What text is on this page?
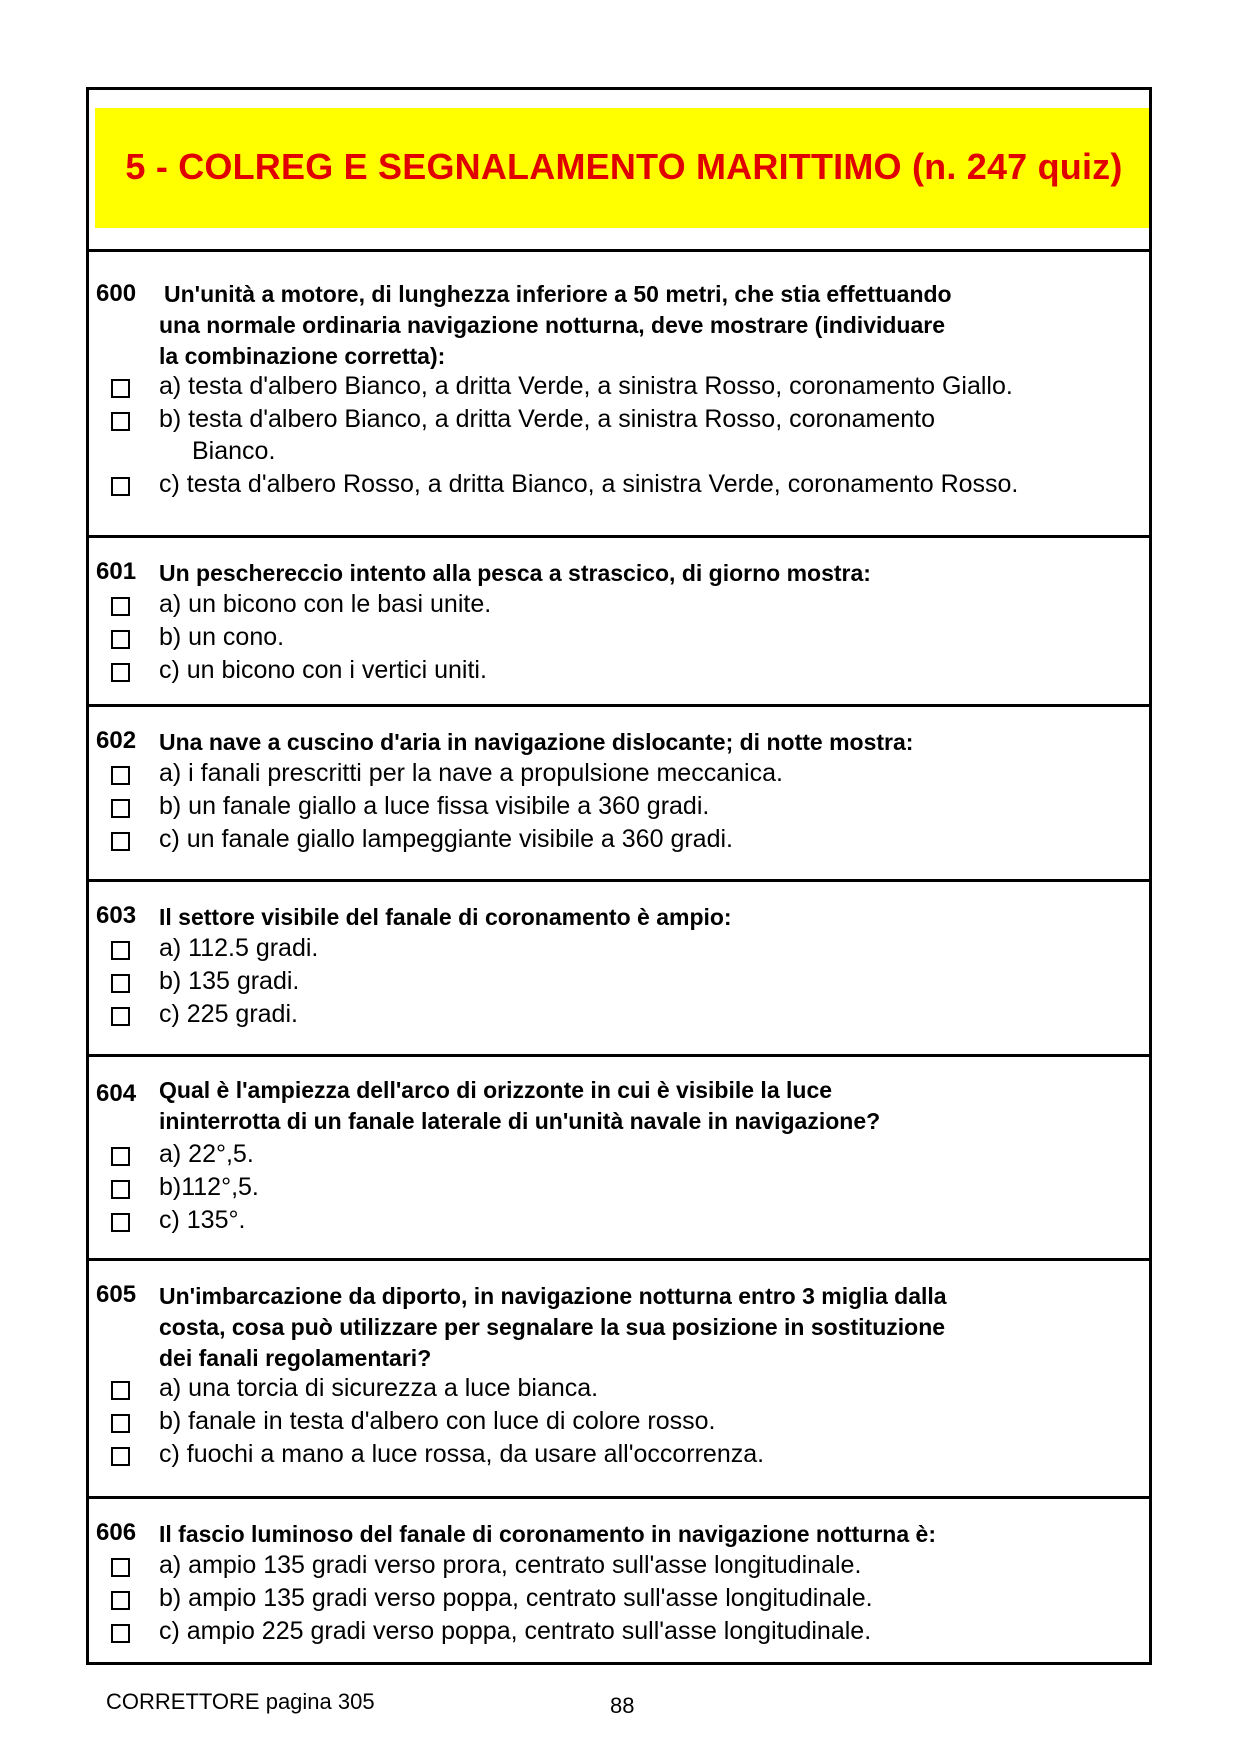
5 - COLREG E SEGNALAMENTO MARITTIMO (n. 247 quiz)
600 Un'unità a motore, di lunghezza inferiore a 50 metri, che stia effettuando
una normale ordinaria navigazione notturna, deve mostrare (individuare
la combinazione corretta):
a) testa d'albero Bianco, a dritta Verde, a sinistra Rosso, coronamento Giallo.
b) testa d'albero Bianco, a dritta Verde, a sinistra Rosso, coronamento
Bianco.
c) testa d'albero Rosso, a dritta Bianco, a sinistra Verde, coronamento Rosso.
601 Un peschereccio intento alla pesca a strascico, di giorno mostra:
a) un bicono con le basi unite.
b) un cono.
c) un bicono con i vertici uniti.
602 Una nave a cuscino d'aria in navigazione dislocante; di notte mostra:
a) i fanali prescritti per la nave a propulsione meccanica.
b) un fanale giallo a luce fissa visibile a 360 gradi.
c) un fanale giallo lampeggiante visibile a 360 gradi.
603 Il settore visibile del fanale di coronamento è ampio:
a) 112.5 gradi.
b) 135 gradi.
c) 225 gradi.
604 Qual è l'ampiezza dell'arco di orizzonte in cui è visibile la luce
ininterrotta di un fanale laterale di un'unità navale in navigazione?
a) 22°,5.
b)112°,5.
c) 135°.
605 Un'imbarcazione da diporto, in navigazione notturna entro 3 miglia dalla
costa, cosa può utilizzare per segnalare la sua posizione in sostituzione
dei fanali regolamentari?
a) una torcia di sicurezza a luce bianca.
b) fanale in testa d'albero con luce di colore rosso.
c) fuochi a mano a luce rossa, da usare all'occorrenza.
606 Il fascio luminoso del fanale di coronamento in navigazione notturna è:
a) ampio 135 gradi verso prora, centrato sull'asse longitudinale.
b) ampio 135 gradi verso poppa, centrato sull'asse longitudinale.
c) ampio 225 gradi verso poppa, centrato sull'asse longitudinale.
CORRETTORE pagina 305	88
